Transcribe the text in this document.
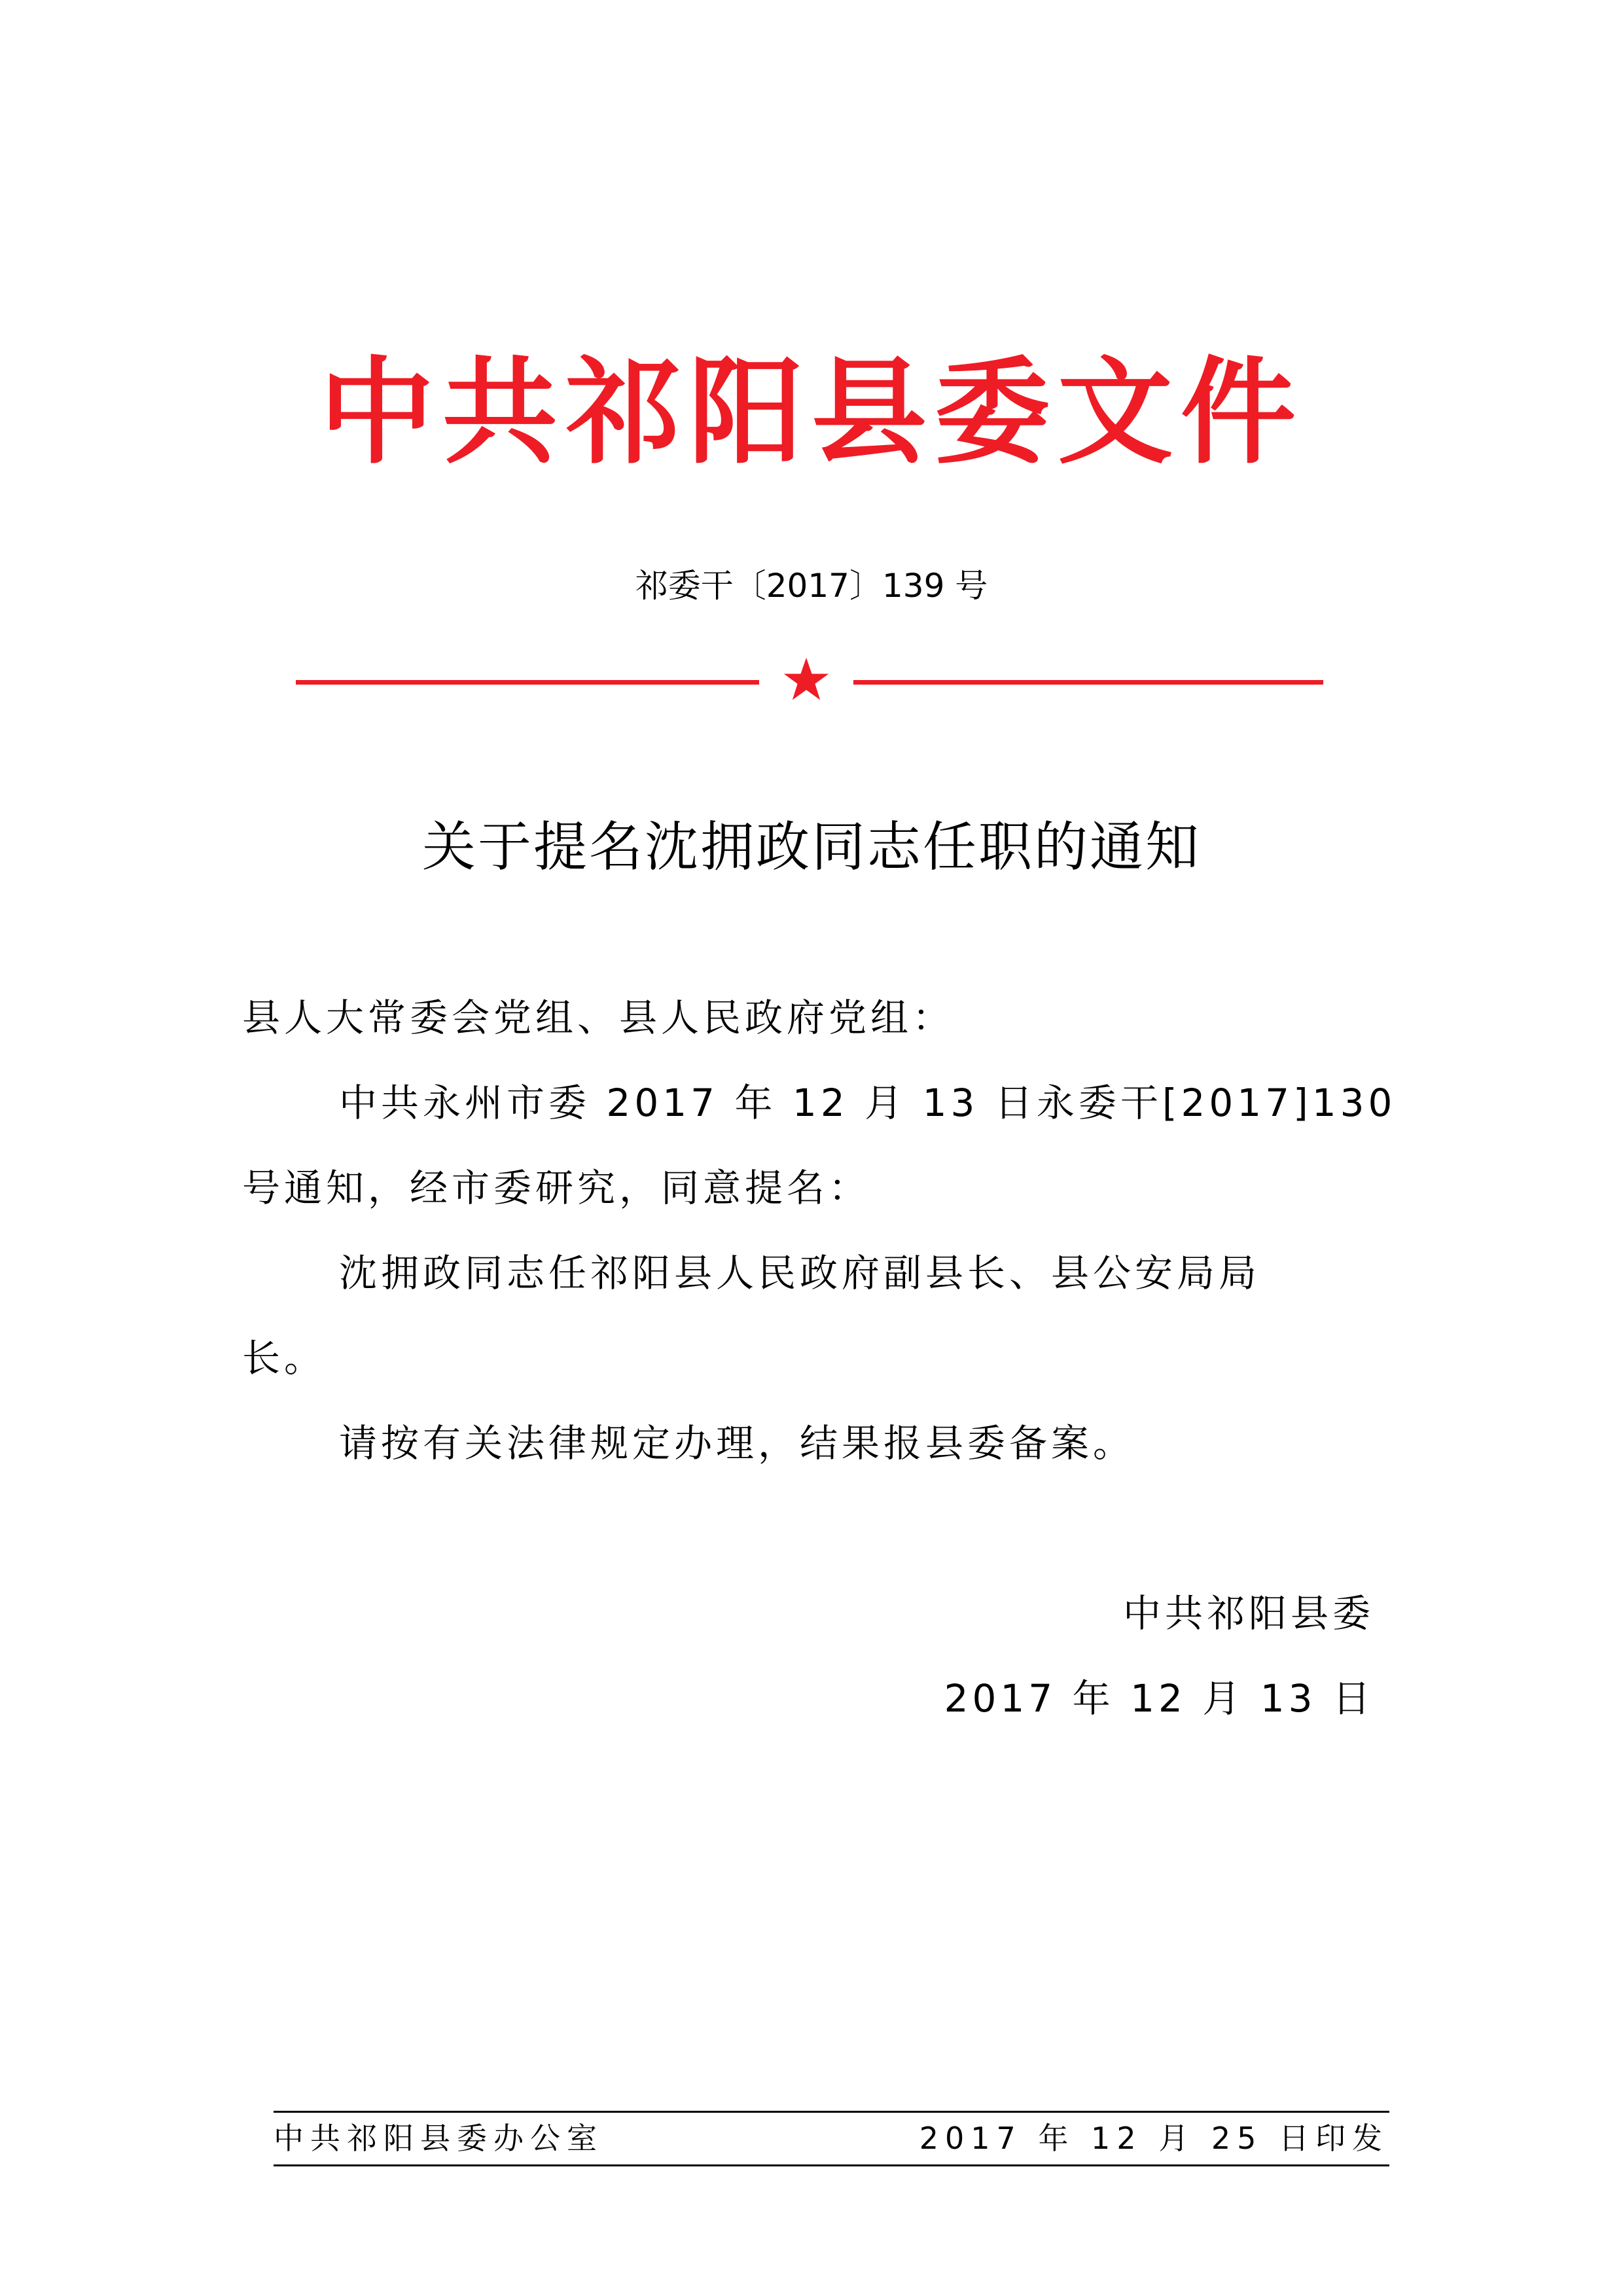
中共祁阳县委文件
祁委干〔2017〕139 号
关于提名沈拥政同志任职的通知
县人大常委会党组、县人民政府党组：
中共永州市委 2017 年 12 月 13 日永委干[2017]130
号通知，经市委研究，同意提名：
沈拥政同志任祁阳县人民政府副县长、县公安局局
长。
请按有关法律规定办理，结果报县委备案。
中共祁阳县委
2017 年 12 月 13 日
中共祁阳县委办公室	2017 年 12 月 25 日印发
